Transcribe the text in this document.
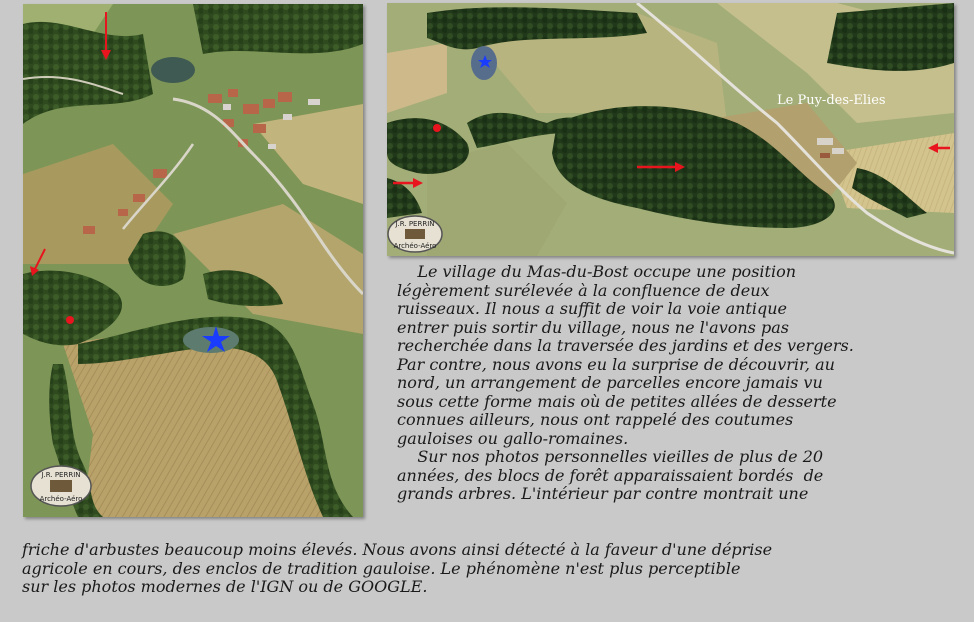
J.R. PERRIN
Archéo-Aéro
Le Puy-des-Elies
J.R. PERRIN
Archéo-Aéro
Le village du Mas-du-Bost occupe une position
légèrement surélevée à la confluence de deux
ruisseaux. Il nous a suffit de voir la voie antique
entrer puis sortir du village, nous ne l'avons pas
recherchée dans la traversée des jardins et des vergers.
Par contre, nous avons eu la surprise de découvrir, au
nord, un arrangement de parcelles encore jamais vu
sous cette forme mais où de petites allées de desserte
connues ailleurs, nous ont rappelé des coutumes
gauloises ou gallo-romaines.
Sur nos photos personnelles vieilles de plus de 20
années, des blocs de forêt apparaissaient bordés  de
grands arbres. L'intérieur par contre montrait une
friche d'arbustes beaucoup moins élevés. Nous avons ainsi détecté à la faveur d'une déprise
agricole en cours, des enclos de tradition gauloise. Le phénomène n'est plus perceptible
sur les photos modernes de l'IGN ou de GOOGLE.
